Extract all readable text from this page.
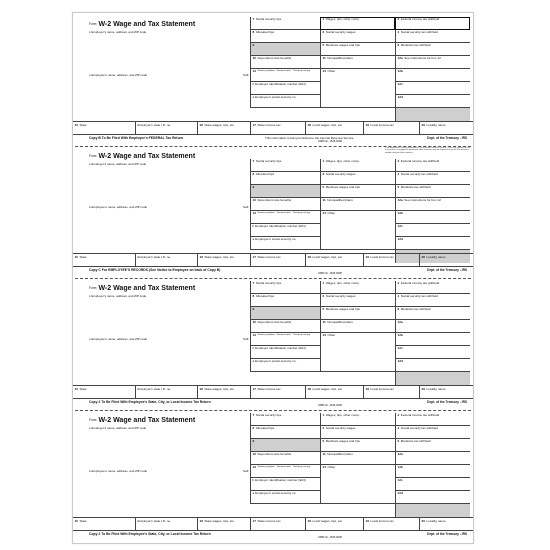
Form W-2 Wage and Tax Statement
c Employer's name, address, and ZIP code
e Employee's name, address, and ZIP code	Suff.
7 Social security tips	1 Wages, tips, other comp.	2 Federal income tax withheld
8 Allocated tips	3 Social security wages	4 Social security tax withheld
9	5 Medicare wages and tips	6 Medicare tax withheld
10 Dependent care benefits	11 Nonqualified plans	12a See instructions for box 12
13 Statutory employee Retirement plan Third-party sick pay	14 Other	12b
b Employer identification number (EIN)	12c
a Employee's social security no.	12d
15 State	Employer's state I.D. no.	16 State wages, tips, etc.	17 State income tax	18 Local wages, tips, etc.	19 Local income tax	20 Locality name
Copy B To Be Filed With Employee's FEDERAL Tax Return	This information is being furnished to the Internal Revenue Service.	Dept. of the Treasury - IRS
OMB No. 1545-0008
Form W-2 Wage and Tax Statement
c Employer's name, address, and ZIP code
e Employee's name, address, and ZIP code	Suff.
7 Social security tips	1 Wages, tips, other comp.	2 Federal income tax withheld
8 Allocated tips	3 Social security wages	4 Social security tax withheld
9	5 Medicare wages and tips	6 Medicare tax withheld
10 Dependent care benefits	11 Nonqualified plans	12a See instructions for box 12
13 Statutory employee Retirement plan Third-party sick pay	14 Other	12b
b Employer identification number (EIN)	12c
a Employee's social security no.	12d
15 State	Employer's state I.D. no.	16 State wages, tips, etc.	17 State income tax	18 Local wages, tips, etc.	19 Local income tax	20 Locality name
Copy C For EMPLOYEE'S RECORDS (See Notice to Employee on back of Copy B)	Dept. of the Treasury - IRS
OMB No. 1545-0008
This information is being furnished to the Internal Revenue Service. If you are required to file a tax return, a negligence penalty or other sanction may be imposed on you if this income is taxable and you fail to report it.
Form W-2 Wage and Tax Statement
c Employer's name, address, and ZIP code
e Employee's name, address, and ZIP code	Suff.
7 Social security tips	1 Wages, tips, other comp.	2 Federal income tax withheld
8 Allocated tips	3 Social security wages	4 Social security tax withheld
9	5 Medicare wages and tips	6 Medicare tax withheld
10 Dependent care benefits	11 Nonqualified plans	12a
13 Statutory employee Retirement plan Third-party sick pay	14 Other	12b
b Employer identification number (EIN)	12c
a Employee's social security no.	12d
15 State	Employer's state I.D. no.	16 State wages, tips, etc.	17 State income tax	18 Local wages, tips, etc.	19 Local income tax	20 Locality name
Copy 2 To Be Filed With Employee's State, City, or Local Income Tax Return	Dept. of the Treasury - IRS
OMB No. 1545-0008
Form W-2 Wage and Tax Statement
c Employer's name, address, and ZIP code
e Employee's name, address, and ZIP code	Suff.
7 Social security tips	1 Wages, tips, other comp.	2 Federal income tax withheld
8 Allocated tips	3 Social security wages	4 Social security tax withheld
9	5 Medicare wages and tips	6 Medicare tax withheld
10 Dependent care benefits	11 Nonqualified plans	12a
13 Statutory employee Retirement plan Third-party sick pay	14 Other	12b
b Employer identification number (EIN)	12c
a Employee's social security no.	12d
15 State	Employer's state I.D. no.	16 State wages, tips, etc.	17 State income tax	18 Local wages, tips, etc.	19 Local income tax	20 Locality name
Copy 2 To Be Filed With Employee's State, City, or Local Income Tax Return	Dept. of the Treasury - IRS
OMB No. 1545-0008
